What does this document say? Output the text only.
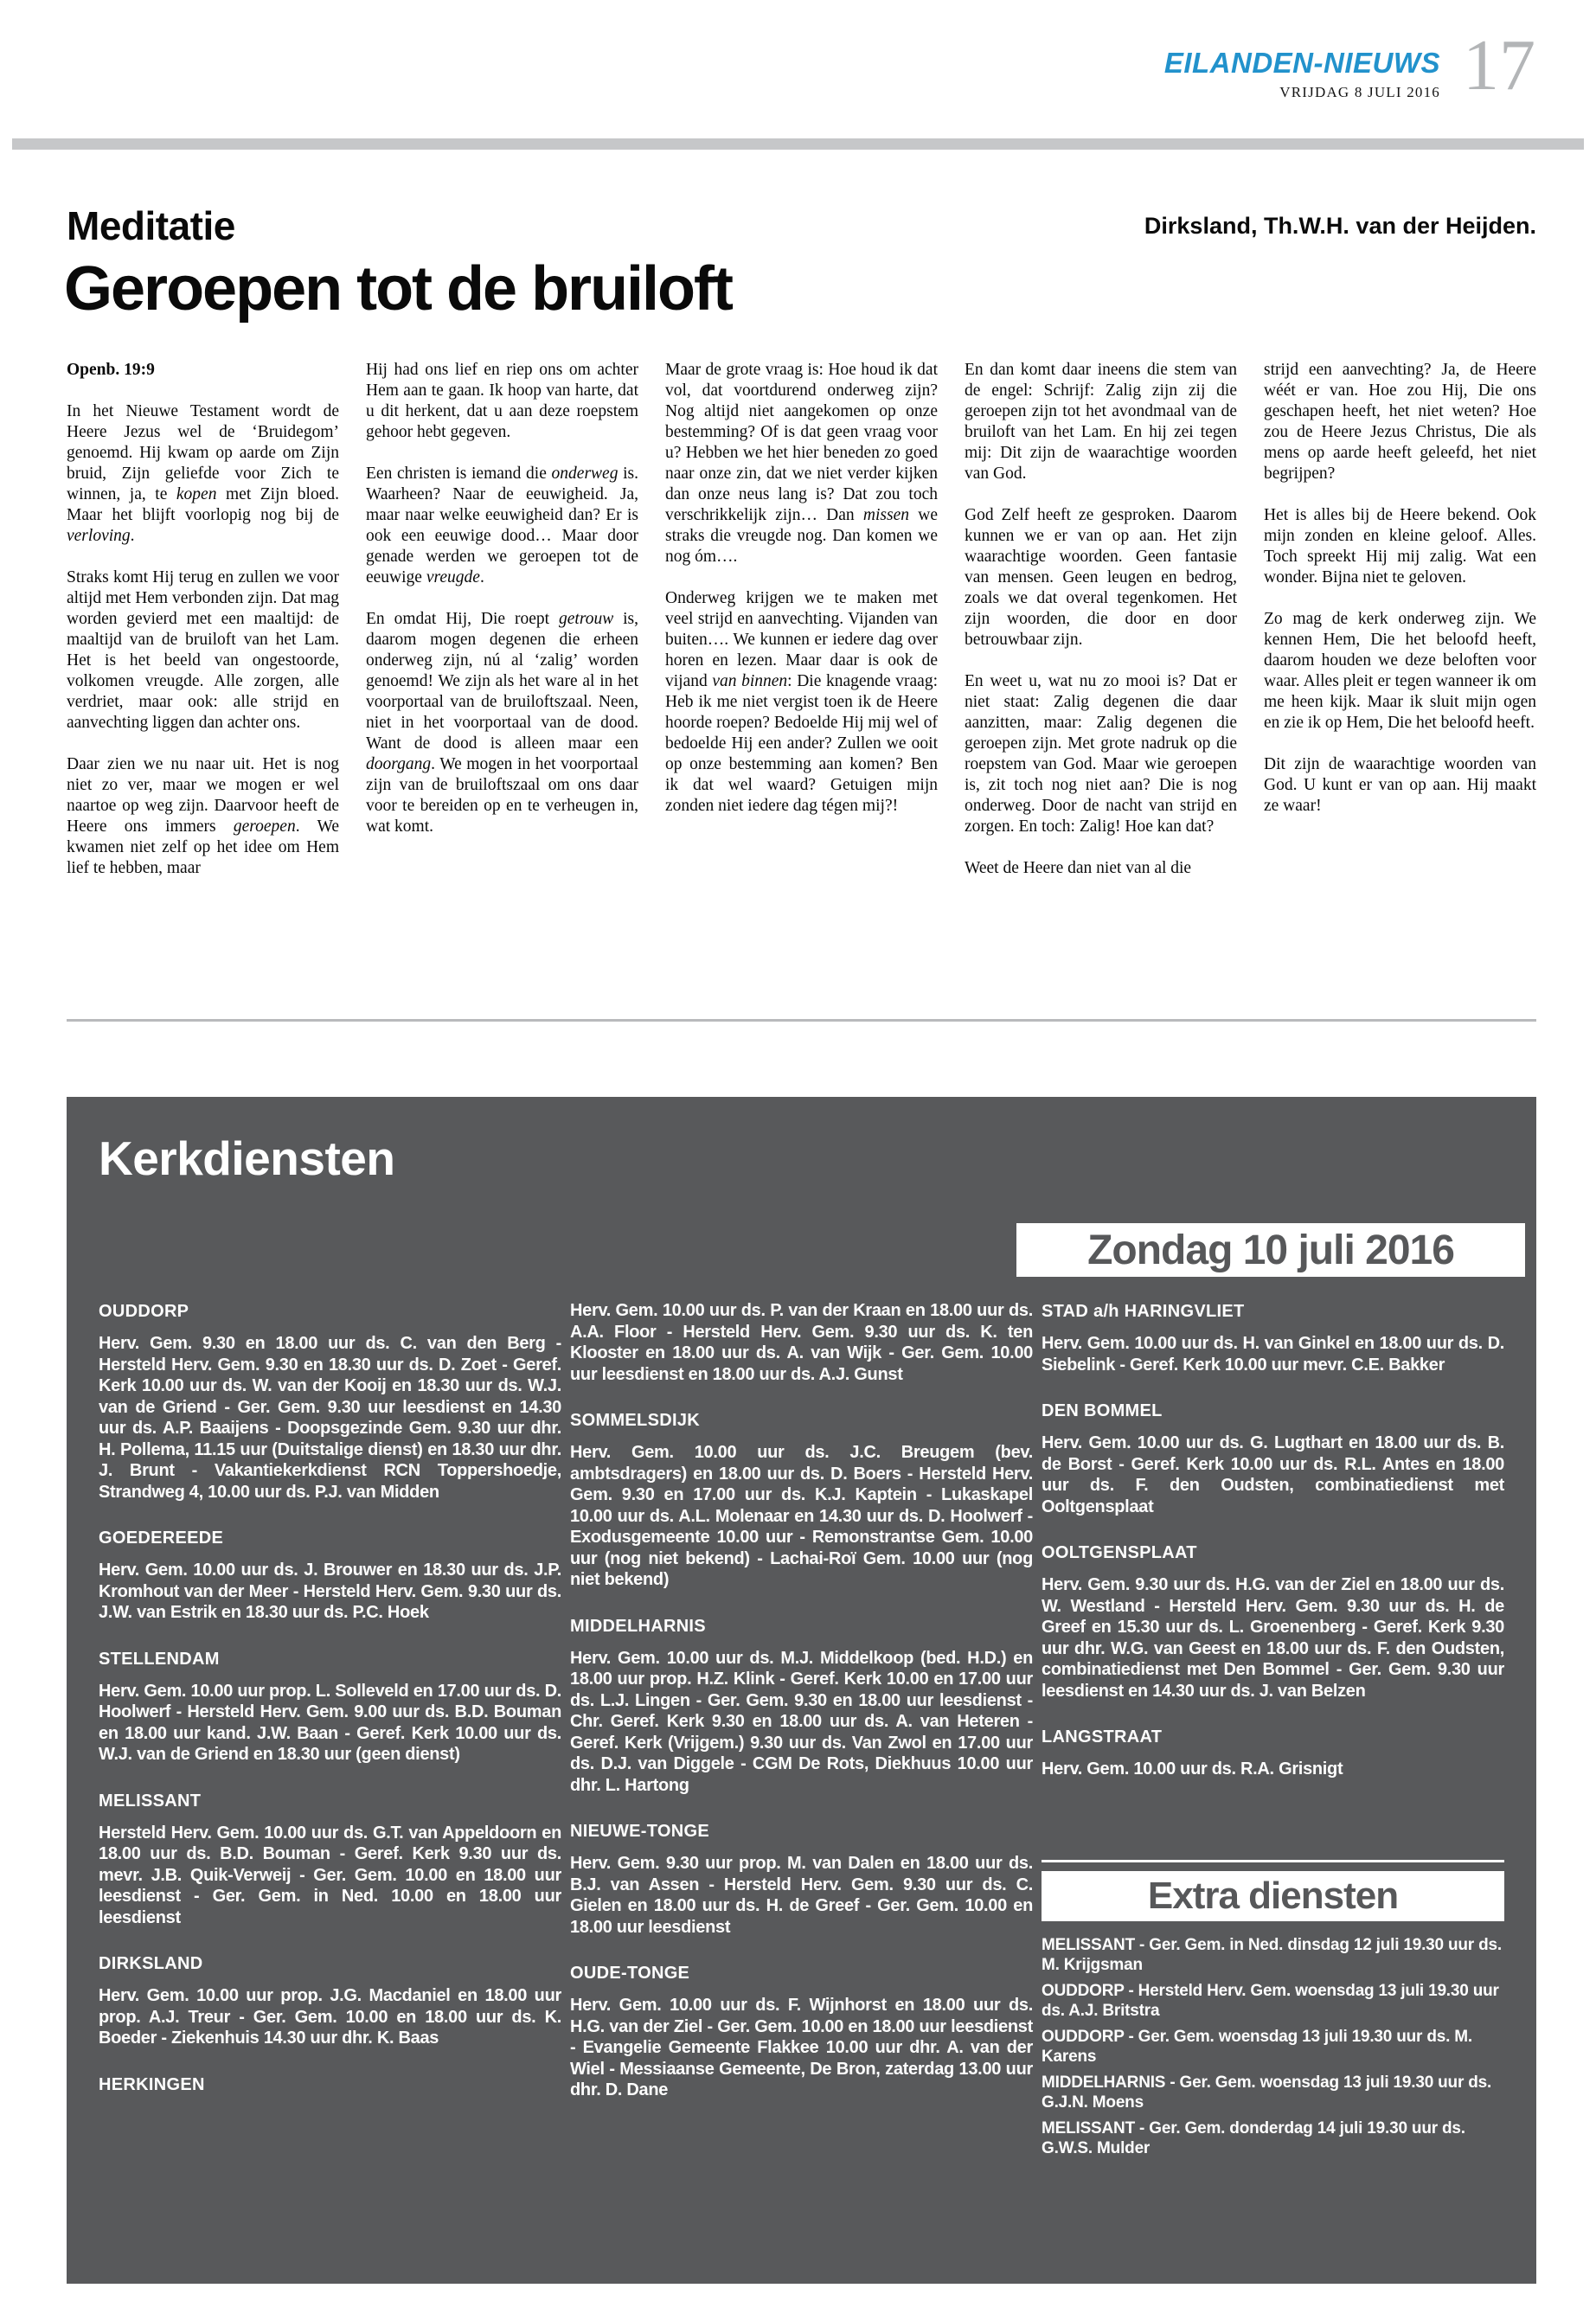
EILANDEN-NIEUWS
VRIJDAG 8 JULI 2016 17
Meditatie	Dirksland, Th.W.H. van der Heijden.
Geroepen tot de bruiloft

Openb. 19:9

In het Nieuwe Testament wordt de Heere Jezus wel de ‘Bruidegom’ genoemd. Hij kwam op aarde om Zijn bruid, Zijn geliefde voor Zich te winnen, ja, te kopen met Zijn bloed. Maar het blijft voorlopig nog bij de verloving.

Straks komt Hij terug en zullen we voor altijd met Hem verbonden zijn. Dat mag worden gevierd met een maaltijd: de maaltijd van de bruiloft van het Lam. Het is het beeld van ongestoorde, volkomen vreugde. Alle zorgen, alle verdriet, maar ook: alle strijd en aanvechting liggen dan achter ons.

Daar zien we nu naar uit. Het is nog niet zo ver, maar we mogen er wel naartoe op weg zijn. Daarvoor heeft de Heere ons immers geroepen. We kwamen niet zelf op het idee om Hem lief te hebben, maar

Hij had ons lief en riep ons om achter Hem aan te gaan. Ik hoop van harte, dat u dit herkent, dat u aan deze roepstem gehoor hebt gegeven.

Een christen is iemand die onderweg is. Waarheen? Naar de eeuwigheid. Ja, maar naar welke eeuwigheid dan? Er is ook een eeuwige dood… Maar door genade werden we geroepen tot de eeuwige vreugde.

En omdat Hij, Die roept getrouw is, daarom mogen degenen die erheen onderweg zijn, nú al ‘zalig’ worden genoemd! We zijn als het ware al in het voorportaal van de bruiloftszaal. Neen, niet in het voorportaal van de dood. Want de dood is alleen maar een doorgang. We mogen in het voorportaal zijn van de bruiloftszaal om ons daar voor te bereiden op en te verheugen in, wat komt.

Maar de grote vraag is: Hoe houd ik dat vol, dat voortdurend onderweg zijn? Nog altijd niet aangekomen op onze bestemming? Of is dat geen vraag voor u? Hebben we het hier beneden zo goed naar onze zin, dat we niet verder kijken dan onze neus lang is? Dat zou toch verschrikkelijk zijn… Dan missen we straks die vreugde nog. Dan komen we nog óm….

Onderweg krijgen we te maken met veel strijd en aanvechting. Vijanden van buiten…. We kunnen er iedere dag over horen en lezen. Maar daar is ook de vijand van binnen: Die knagende vraag: Heb ik me niet vergist toen ik de Heere hoorde roepen? Bedoelde Hij mij wel of bedoelde Hij een ander? Zullen we ooit op onze bestemming aan komen? Ben ik dat wel waard? Getuigen mijn zonden niet iedere dag tégen mij?!

En dan komt daar ineens die stem van de engel: Schrijf: Zalig zijn zij die geroepen zijn tot het avondmaal van de bruiloft van het Lam. En hij zei tegen mij: Dit zijn de waarachtige woorden van God.

God Zelf heeft ze gesproken. Daarom kunnen we er van op aan. Het zijn waarachtige woorden. Geen fantasie van mensen. Geen leugen en bedrog, zoals we dat overal tegenkomen. Het zijn woorden, die door en door betrouwbaar zijn.

En weet u, wat nu zo mooi is? Dat er niet staat: Zalig degenen die daar aanzitten, maar: Zalig degenen die geroepen zijn. Met grote nadruk op die roepstem van God. Maar wie geroepen is, zit toch nog niet aan? Die is nog onderweg. Door de nacht van strijd en zorgen. En toch: Zalig! Hoe kan dat?

Weet de Heere dan niet van al die

strijd een aanvechting? Ja, de Heere wéét er van. Hoe zou Hij, Die ons geschapen heeft, het niet weten? Hoe zou de Heere Jezus Christus, Die als mens op aarde heeft geleefd, het niet begrijpen?

Het is alles bij de Heere bekend. Ook mijn zonden en kleine geloof. Alles. Toch spreekt Hij mij zalig. Wat een wonder. Bijna niet te geloven.

Zo mag de kerk onderweg zijn. We kennen Hem, Die het beloofd heeft, daarom houden we deze beloften voor waar. Alles pleit er tegen wanneer ik om me heen kijk. Maar ik sluit mijn ogen en zie ik op Hem, Die het beloofd heeft.

Dit zijn de waarachtige woorden van God. U kunt er van op aan. Hij maakt ze waar!

Kerkdiensten
Zondag 10 juli 2016
OUDDORP

Herv. Gem. 9.30 en 18.00 uur ds. C. van den Berg - Hersteld Herv. Gem. 9.30 en 18.30 uur ds. D. Zoet - Geref. Kerk 10.00 uur ds. W. van der Kooij en 18.30 uur ds. W.J. van de Griend - Ger. Gem. 9.30 uur leesdienst en 14.30 uur ds. A.P. Baaijens - Doopsgezinde Gem. 9.30 uur dhr. H. Pollema, 11.15 uur (Duitstalige dienst) en 18.30 uur dhr. J. Brunt - Vakantiekerkdienst RCN Toppershoedje, Strandweg 4, 10.00 uur ds. P.J. van Midden

GOEDEREEDE

Herv. Gem. 10.00 uur ds. J. Brouwer en 18.30 uur ds. J.P. Kromhout van der Meer - Hersteld Herv. Gem. 9.30 uur ds. J.W. van Estrik en 18.30 uur ds. P.C. Hoek

STELLENDAM

Herv. Gem. 10.00 uur prop. L. Solleveld en 17.00 uur ds. D. Hoolwerf - Hersteld Herv. Gem. 9.00 uur ds. B.D. Bouman en 18.00 uur kand. J.W. Baan - Geref. Kerk 10.00 uur ds. W.J. van de Griend en 18.30 uur (geen dienst)

MELISSANT

Hersteld Herv. Gem. 10.00 uur ds. G.T. van Appeldoorn en 18.00 uur ds. B.D. Bouman - Geref. Kerk 9.30 uur ds. mevr. J.B. Quik-Verweij - Ger. Gem. 10.00 en 18.00 uur leesdienst - Ger. Gem. in Ned. 10.00 en 18.00 uur leesdienst

DIRKSLAND

Herv. Gem. 10.00 uur prop. J.G. Macdaniel en 18.00 uur prop. A.J. Treur - Ger. Gem. 10.00 en 18.00 uur ds. K. Boeder - Ziekenhuis 14.30 uur dhr. K. Baas

HERKINGEN

Herv. Gem. 10.00 uur ds. P. van der Kraan en 18.00 uur ds. A.A. Floor - Hersteld Herv. Gem. 9.30 uur ds. K. ten Klooster en 18.00 uur ds. A. van Wijk - Ger. Gem. 10.00 uur leesdienst en 18.00 uur ds. A.J. Gunst

SOMMELSDIJK

Herv. Gem. 10.00 uur ds. J.C. Breugem (bev. ambtsdragers) en 18.00 uur ds. D. Boers - Hersteld Herv. Gem. 9.30 en 17.00 uur ds. K.J. Kaptein - Lukaskapel 10.00 uur ds. A.L. Molenaar en 14.30 uur ds. D. Hoolwerf - Exodusgemeente 10.00 uur - Remonstrantse Gem. 10.00 uur (nog niet bekend) - Lachai-Roï Gem. 10.00 uur (nog niet bekend)

MIDDELHARNIS

Herv. Gem. 10.00 uur ds. M.J. Middelkoop (bed. H.D.) en 18.00 uur prop. H.Z. Klink - Geref. Kerk 10.00 en 17.00 uur ds. L.J. Lingen - Ger. Gem. 9.30 en 18.00 uur leesdienst - Chr. Geref. Kerk 9.30 en 18.00 uur ds. A. van Heteren - Geref. Kerk (Vrijgem.) 9.30 uur ds. Van Zwol en 17.00 uur ds. D.J. van Diggele - CGM De Rots, Diekhuus 10.00 uur dhr. L. Hartong

NIEUWE-TONGE

Herv. Gem. 9.30 uur prop. M. van Dalen en 18.00 uur ds. B.J. van Assen - Hersteld Herv. Gem. 9.30 uur ds. C. Gielen en 18.00 uur ds. H. de Greef - Ger. Gem. 10.00 en 18.00 uur leesdienst

OUDE-TONGE

Herv. Gem. 10.00 uur ds. F. Wijnhorst en 18.00 uur ds. H.G. van der Ziel - Ger. Gem. 10.00 en 18.00 uur leesdienst - Evangelie Gemeente Flakkee 10.00 uur dhr. A. van der Wiel - Messiaanse Gemeente, De Bron, zaterdag 13.00 uur dhr. D. Dane

STAD a/h HARINGVLIET

Herv. Gem. 10.00 uur ds. H. van Ginkel en 18.00 uur ds. D. Siebelink - Geref. Kerk 10.00 uur mevr. C.E. Bakker

DEN BOMMEL

Herv. Gem. 10.00 uur ds. G. Lugthart en 18.00 uur ds. B. de Borst - Geref. Kerk 10.00 uur ds. R.L. Antes en 18.00 uur ds. F. den Oudsten, combinatiedienst met Ooltgensplaat

OOLTGENSPLAAT

Herv. Gem. 9.30 uur ds. H.G. van der Ziel en 18.00 uur ds. W. Westland - Hersteld Herv. Gem. 9.30 uur ds. H. de Greef en 15.30 uur ds. L. Groenenberg - Geref. Kerk 9.30 uur dhr. W.G. van Geest en 18.00 uur ds. F. den Oudsten, combinatiedienst met Den Bommel - Ger. Gem. 9.30 uur leesdienst en 14.30 uur ds. J. van Belzen

LANGSTRAAT

Herv. Gem. 10.00 uur ds. R.A. Grisnigt

Extra diensten

MELISSANT - Ger. Gem. in Ned. dinsdag 12 juli 19.30 uur ds. M. Krijgsman

OUDDORP - Hersteld Herv. Gem. woensdag 13 juli 19.30 uur ds. A.J. Britstra

OUDDORP - Ger. Gem. woensdag 13 juli 19.30 uur ds. M. Karens

MIDDELHARNIS - Ger. Gem. woensdag 13 juli 19.30 uur ds. G.J.N. Moens

MELISSANT - Ger. Gem. donderdag 14 juli 19.30 uur ds. G.W.S. Mulder
